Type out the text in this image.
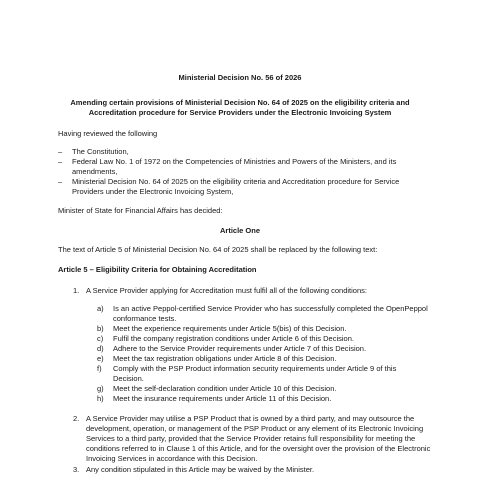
Ministerial Decision No. 56 of 2026
Amending certain provisions of Ministerial Decision No. 64 of 2025 on the eligibility criteria and Accreditation procedure for Service Providers under the Electronic Invoicing System
Having reviewed the following
– The Constitution,
– Federal Law No. 1 of 1972 on the Competencies of Ministries and Powers of the Ministers, and its amendments,
– Ministerial Decision No. 64 of 2025 on the eligibility criteria and Accreditation procedure for Service Providers under the Electronic Invoicing System,
Minister of State for Financial Affairs has decided:
Article One
The text of Article 5 of Ministerial Decision No. 64 of 2025 shall be replaced by the following text:
Article 5 – Eligibility Criteria for Obtaining Accreditation
1. A Service Provider applying for Accreditation must fulfil all of the following conditions:
a) Is an active Peppol-certified Service Provider who has successfully completed the OpenPeppol conformance tests.
b) Meet the experience requirements under Article 5(bis) of this Decision.
c) Fulfil the company registration conditions under Article 6 of this Decision.
d) Adhere to the Service Provider requirements under Article 7 of this Decision.
e) Meet the tax registration obligations under Article 8 of this Decision.
f) Comply with the PSP Product information security requirements under Article 9 of this Decision.
g) Meet the self-declaration condition under Article 10 of this Decision.
h) Meet the insurance requirements under Article 11 of this Decision.
2. A Service Provider may utilise a PSP Product that is owned by a third party, and may outsource the development, operation, or management of the PSP Product or any element of its Electronic Invoicing Services to a third party, provided that the Service Provider retains full responsibility for meeting the conditions referred to in Clause 1 of this Article, and for the oversight over the provision of the Electronic Invoicing Services in accordance with this Decision.
3. Any condition stipulated in this Article may be waived by the Minister.
